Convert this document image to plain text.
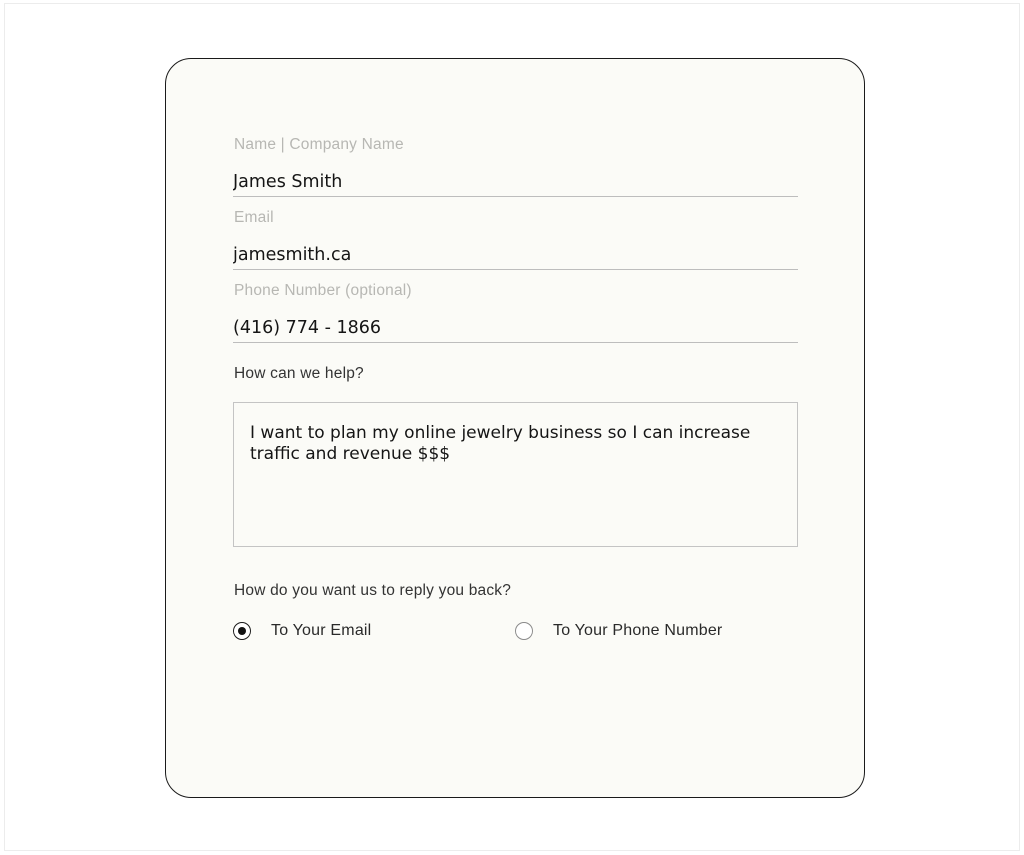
Name | Company Name
James Smith
Email
jamesmith.ca
Phone Number (optional)
(416) 774 - 1866
How can we help?
I want to plan my online jewelry business so I can increase traffic and revenue $$$
How do you want us to reply you back?
To Your Email	To Your Phone Number
